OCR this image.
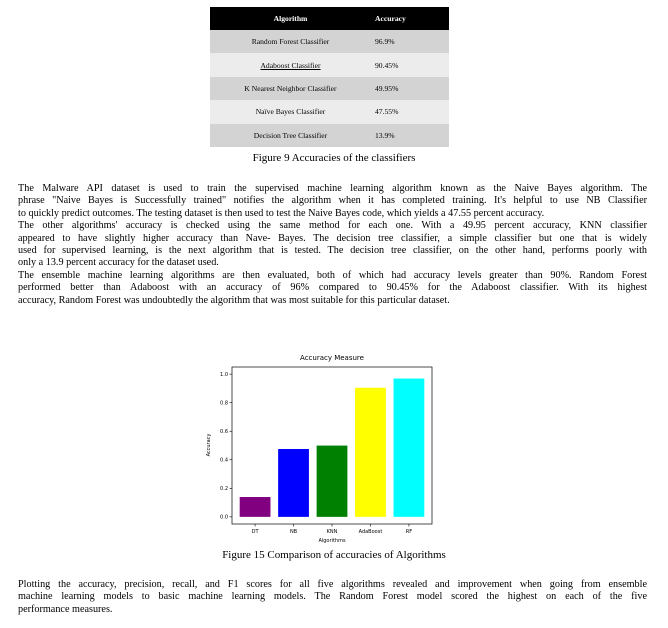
Algorithm	Accuracy
Random Forest Classifier	96.9%
Adaboost Classifier	90.45%
K Nearest Neighbor Classifier	49.95%
Naïve Bayes Classifier	47.55%
Decision Tree Classifier	13.9%
Figure 9 Accuracies of the classifiers
The Malware API dataset is used to train the supervised machine learning algorithm known as the Naive Bayes algorithm. The
phrase "Naive Bayes is Successfully trained" notifies the algorithm when it has completed training. It's helpful to use NB Classifier
to quickly predict outcomes. The testing dataset is then used to test the Naive Bayes code, which yields a 47.55 percent accuracy.
The other algorithms' accuracy is checked using the same method for each one. With a 49.95 percent accuracy, KNN classifier
appeared to have slightly higher accuracy than Nave- Bayes. The decision tree classifier, a simple classifier but one that is widely
used for supervised learning, is the next algorithm that is tested. The decision tree classifier, on the other hand, performs poorly with
only a 13.9 percent accuracy for the dataset used.
The ensemble machine learning algorithms are then evaluated, both of which had accuracy levels greater than 90%. Random Forest
performed better than Adaboost with an accuracy of 96% compared to 90.45% for the Adaboost classifier. With its highest
accuracy, Random Forest was undoubtedly the algorithm that was most suitable for this particular dataset.
Accuracy Measure
0.0
0.2
0.4
0.6
0.8
1.0
DT	NB	KNN	AdaBoost	RF
Algorithms
Accuracy
Figure 15 Comparison of accuracies of Algorithms
Plotting the accuracy, precision, recall, and F1 scores for all five algorithms revealed and improvement when going from ensemble
machine learning models to basic machine learning models. The Random Forest model scored the highest on each of the five
performance measures.
